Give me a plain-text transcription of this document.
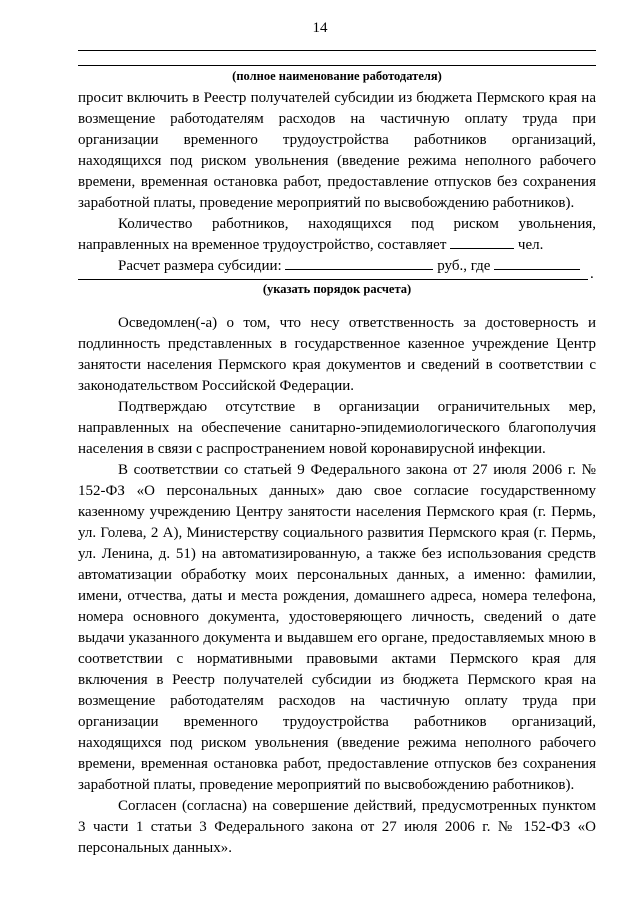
14
(полное наименование работодателя)

просит включить в Реестр получателей субсидии из бюджета Пермского края на возмещение работодателям расходов на частичную оплату труда при организации временного трудоустройства работников организаций, находящихся под риском увольнения (введение режима неполного рабочего времени, временная остановка работ, предоставление отпусков без сохранения заработной платы, проведение мероприятий по высвобождению работников).

Количество работников, находящихся под риском увольнения, направленных на временное трудоустройство, составляет	чел.

Расчет размера субсидии:	руб., где	.
(указать порядок расчета)

Осведомлен(-а) о том, что несу ответственность за достоверность и подлинность представленных в государственное казенное учреждение Центр занятости населения Пермского края документов и сведений в соответствии с законодательством Российской Федерации.

Подтверждаю отсутствие в организации ограничительных мер, направленных на обеспечение санитарно-эпидемиологического благополучия населения в связи с распространением новой коронавирусной инфекции.

В соответствии со статьей 9 Федерального закона от 27 июля 2006 г. № 152-ФЗ «О персональных данных» даю свое согласие государственному казенному учреждению Центру занятости населения Пермского края (г. Пермь, ул. Голева, 2 А), Министерству социального развития Пермского края (г. Пермь, ул. Ленина, д. 51) на автоматизированную, а также без использования средств автоматизации обработку моих персональных данных, а именно: фамилии, имени, отчества, даты и места рождения, домашнего адреса, номера телефона, номера основного документа, удостоверяющего личность, сведений о дате выдачи указанного документа и выдавшем его органе, предоставляемых мною в соответствии с нормативными правовыми актами Пермского края для включения в Реестр получателей субсидии из бюджета Пермского края на возмещение работодателям расходов на частичную оплату труда при организации временного трудоустройства работников организаций, находящихся под риском увольнения (введение режима неполного рабочего времени, временная остановка работ, предоставление отпусков без сохранения заработной платы, проведение мероприятий по высвобождению работников).

Согласен (согласна) на совершение действий, предусмотренных пунктом 3 части 1 статьи 3 Федерального закона от 27 июля 2006 г. № 152-ФЗ «О персональных данных».
